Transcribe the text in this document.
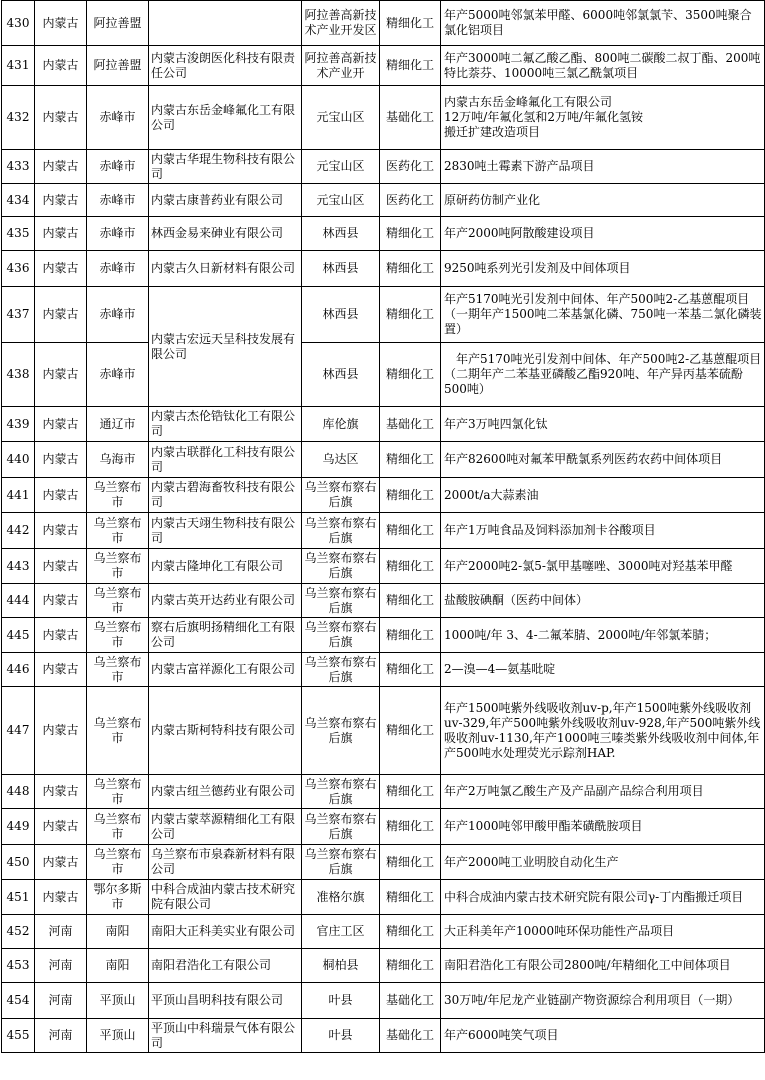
430	内蒙古	阿拉善盟		阿拉善高新技术产业开发区	精细化工	年产5000吨邻氯苯甲醛、6000吨邻氯氯苄、3500吨聚合氯化铝项目
431	内蒙古	阿拉善盟	内蒙古浚朗医化科技有限责任公司	阿拉善高新技术产业开	精细化工	年产3000吨二氟乙酸乙酯、800吨二碳酸二叔丁酯、200吨特比萘芬、10000吨三氯乙酰氯项目
432	内蒙古	赤峰市	内蒙古东岳金峰氟化工有限公司	元宝山区	基础化工	内蒙古东岳金峰氟化工有限公司
12万吨/年氟化氢和2万吨/年氟化氢铵
搬迁扩建改造项目
433	内蒙古	赤峰市	内蒙古华琨生物科技有限公司	元宝山区	医药化工	2830吨土霉素下游产品项目
434	内蒙古	赤峰市	内蒙古康普药业有限公司	元宝山区	医药化工	原研药仿制产业化
435	内蒙古	赤峰市	林西金易来砷业有限公司	林西县	精细化工	年产2000吨阿散酸建设项目
436	内蒙古	赤峰市	内蒙古久日新材料有限公司	林西县	精细化工	9250吨系列光引发剂及中间体项目
437	内蒙古	赤峰市	内蒙古宏远天呈科技发展有限公司	林西县	精细化工	年产5170吨光引发剂中间体、年产500吨2-乙基蒽醌项目（一期年产1500吨二苯基氯化磷、750吨一苯基二氯化磷装置）
438	内蒙古	赤峰市		林西县	精细化工	　年产5170吨光引发剂中间体、年产500吨2-乙基蒽醌项目（二期年产二苯基亚磷酸乙酯920吨、年产异丙基苯硫酚500吨）
439	内蒙古	通辽市	内蒙古杰伦锆钛化工有限公司	库伦旗	基础化工	年产3万吨四氯化钛
440	内蒙古	乌海市	内蒙古联群化工科技有限公司	乌达区	精细化工	年产82600吨对氟苯甲酰氯系列医药农药中间体项目
441	内蒙古	乌兰察布市	内蒙古碧海畜牧科技有限公司	乌兰察布察右后旗	精细化工	2000t/a大蒜素油
442	内蒙古	乌兰察布市	内蒙古天翊生物科技有限公司	乌兰察布察右后旗	精细化工	年产1万吨食品及饲料添加剂卡谷酸项目
443	内蒙古	乌兰察布市	内蒙古隆坤化工有限公司	乌兰察布察右后旗	精细化工	年产2000吨2-氯5-氯甲基噻唑、3000吨对羟基苯甲醛
444	内蒙古	乌兰察布市	内蒙古英开达药业有限公司	乌兰察布察右后旗	精细化工	盐酸胺碘酮（医药中间体）
445	内蒙古	乌兰察布市	察右后旗明扬精细化工有限公司	乌兰察布察右后旗	精细化工	1000吨/年 3、4-二氟苯腈、2000吨/年邻氯苯腈；
446	内蒙古	乌兰察布市	内蒙古富祥源化工有限公司	乌兰察布察右后旗	精细化工	2—溴—4—氨基吡啶
447	内蒙古	乌兰察布市	内蒙古斯柯特科技有限公司	乌兰察布察右后旗	精细化工	年产1500吨紫外线吸收剂uv-p,年产1500吨紫外线吸收剂uv-329,年产500吨紫外线吸收剂uv-928,年产500吨紫外线吸收剂uv-1130,年产1000吨三嗪类紫外线吸收剂中间体,年产500吨水处理荧光示踪剂HAP.
448	内蒙古	乌兰察布市	内蒙古纽兰德药业有限公司	乌兰察布察右后旗	精细化工	年产2万吨氯乙酸生产及产品副产品综合利用项目
449	内蒙古	乌兰察布市	内蒙古蒙萃源精细化工有限公司	乌兰察布察右后旗	精细化工	年产1000吨邻甲酸甲酯苯磺酰胺项目
450	内蒙古	乌兰察布市	乌兰察布市泉森新材料有限公司	乌兰察布察右后旗	精细化工	年产2000吨工业明胶自动化生产
451	内蒙古	鄂尔多斯市	中科合成油内蒙古技术研究院有限公司	准格尔旗	精细化工	中科合成油内蒙古技术研究院有限公司γ-丁内酯搬迁项目
452	河南	南阳	南阳大正科美实业有限公司	官庄工区	精细化工	大正科美年产10000吨环保功能性产品项目
453	河南	南阳	南阳君浩化工有限公司	桐柏县	精细化工	南阳君浩化工有限公司2800吨/年精细化工中间体项目
454	河南	平顶山	平顶山昌明科技有限公司	叶县	基础化工	30万吨/年尼龙产业链副产物资源综合利用项目（一期）
455	河南	平顶山	平顶山中科瑞景气体有限公司	叶县	基础化工	年产6000吨笑气项目
